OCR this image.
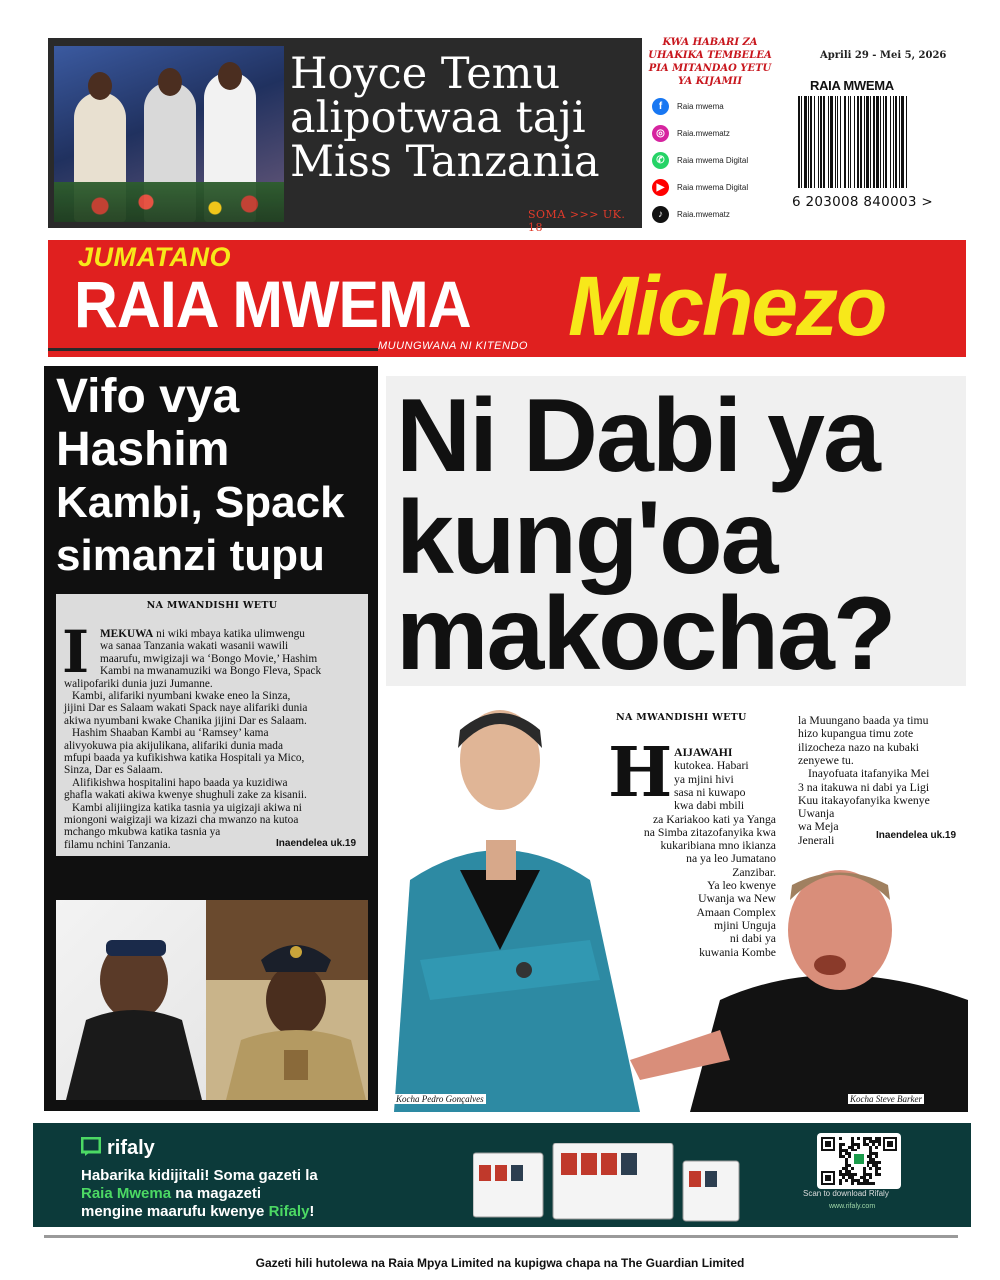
Hoyce Temu
alipotwaa taji
Miss Tanzania
SOMA >>> UK. 18
KWA HABARI ZA
UHAKIKA TEMBELEA
PIA MITANDAO YETU
YA KIJAMII
f	Raia mwema
◎	Raia.mwematz
✆	Raia mwema Digital
▶	Raia mwema Digital
♪	Raia.mwematz
Aprili 29 - Mei 5, 2026
RAIA MWEMA
6 203008 840003 >
JUMATANO
RAIA MWEMA
MUUNGWANA NI KITENDO Michezo
Vifo vya
Hashim
Kambi, Spack
simanzi tupu
NA MWANDISHI WETU
I MEKUWA ni wiki mbaya katika ulimwengu
wa sanaa Tanzania wakati wasanii wawili
maarufu, mwigizaji wa ‘Bongo Movie,’ Hashim
Kambi na mwanamuziki wa Bongo Fleva, Spack
walipofariki dunia juzi Jumanne.
Kambi, alifariki nyumbani kwake eneo la Sinza,
jijini Dar es Salaam wakati Spack naye alifariki dunia
akiwa nyumbani kwake Chanika jijini Dar es Salaam.
Hashim Shaaban Kambi au ‘Ramsey’ kama
alivyokuwa pia akijulikana, alifariki dunia mada
mfupi baada ya kufikishwa katika Hospitali ya Mico,
Sinza, Dar es Salaam.
Alifikishwa hospitalini hapo baada ya kuzidiwa
ghafla wakati akiwa kwenye shughuli zake za kisanii.
Kambi alijiingiza katika tasnia ya uigizaji akiwa ni
miongoni waigizaji wa kizazi cha mwanzo na kutoa
mchango mkubwa katika tasnia ya
filamu nchini Tanzania.	Inaendelea uk.19
Ni Dabi ya
kung'oa
makocha?
NA MWANDISHI WETU
H AIJAWAHI
kutokea. Habari
ya mjini hivi
sasa ni kuwapo
kwa dabi mbili
za Kariakoo kati ya Yanga
na Simba zitazofanyika kwa
kukaribiana mno ikianza
na ya leo Jumatano
Zanzibar.
Ya leo kwenye
Uwanja wa New
Amaan Complex
mjini Unguja
ni dabi ya
kuwania Kombe
la Muungano baada ya timu
hizo kupangua timu zote
ilizocheza nazo na kubaki
zenyewe tu.
Inayofuata itafanyika Mei
3 na itakuwa ni dabi ya Ligi
Kuu itakayofanyika kwenye
Uwanja
wa Meja
Jenerali	Inaendelea uk.19
Kocha Pedro Gonçalves	Kocha Steve Barker
rifaly
Habarika kidijitali! Soma gazeti la
Raia Mwema na magazeti
mengine maarufu kwenye Rifaly!
Scan to download Rifaly
www.rifaly.com
Gazeti hili hutolewa na Raia Mpya Limited na kupigwa chapa na The Guardian Limited
